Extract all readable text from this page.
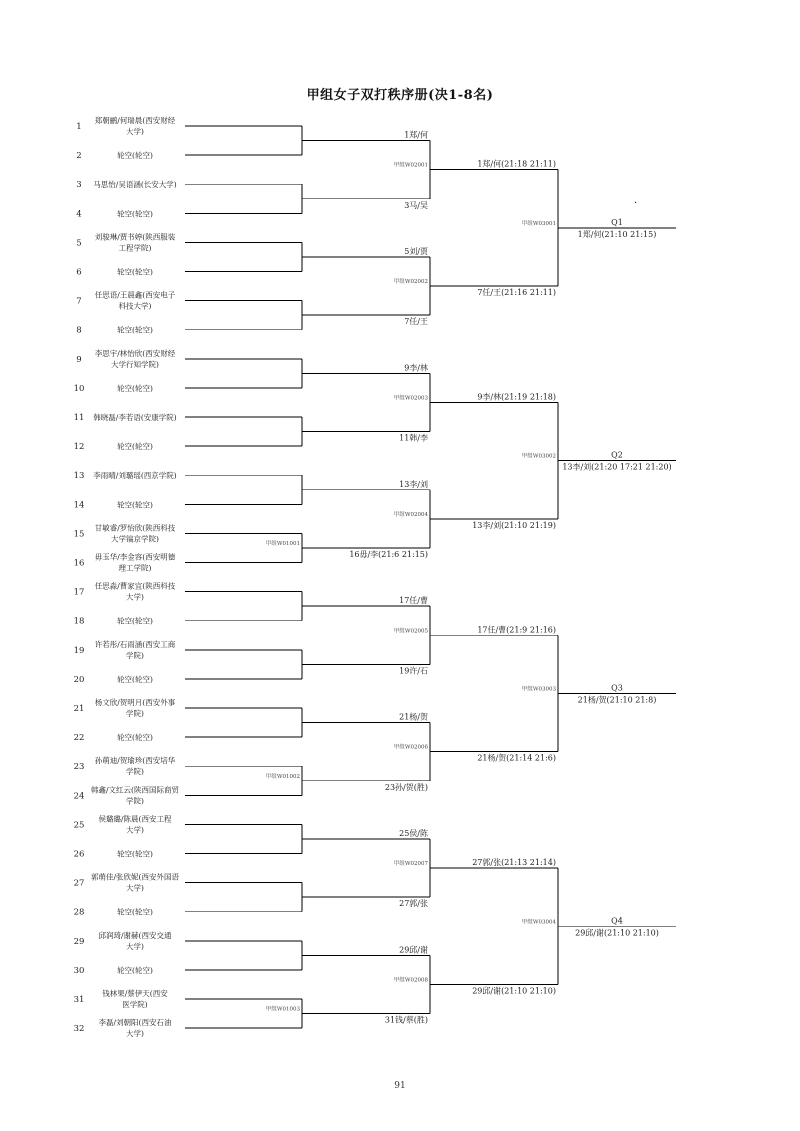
甲组女子双打秩序册(决1-8名)
1
郑朝鹂/何瑞晨(西安财经
大学)
2	轮空(轮空)
3 马思怡/吴语涵(长安大学)
4	轮空(轮空)
5
刘骏琳/贾书婷(陕西服装
工程学院)
6	轮空(轮空)
7
任思语/王晨鑫(西安电子
科技大学)
8	轮空(轮空)
9
李思宇/林怡欣(西安财经
大学行知学院)
10	轮空(轮空)
11 韩晓磊/李若语(安康学院)
12	轮空(轮空)
13 李雨晴/刘璐瑶(西京学院)
14	轮空(轮空)
15
甘敏睿/罗怡欣(陕西科技
大学镐京学院)
16
毋玉华/李金容(西安明德
理工学院)
17
任思淼/曹家宜(陕西科技
大学)
18	轮空(轮空)
19
许若彤/石雨涵(西安工商
学院)
20	轮空(轮空)
21
杨文欣/贺明月(西安外事
学院)
22	轮空(轮空)
23
孙萌迪/贺瑜珍(西安培华
学院)
24
韩鑫/文红云(陕西国际商贸
学院)
25
侯璐璐/陈晨(西安工程
大学)
26	轮空(轮空)
27
郭萌佳/张欣妮(西安外国语
大学)
28	轮空(轮空)
29
邱润琦/谢赫(西安交通
大学)
30	轮空(轮空)
31
钱林果/蔡伊天(西安
医学院)
32
李磊/刘朝阳(西安石油
大学)
1郑/何
5刘/贾
9李/林
13李/刘
甲组W01001
17任/曹
21杨/贺
甲组W01002
25侯/陈
29邱/谢
甲组W01003
甲组W02001
3马/吴
1郑/何(21:18 21:11)
甲组W02002
7任/王
7任/王(21:16 21:11)
甲组W02003
11韩/李
9李/林(21:19 21:18)
甲组W02004
16毋/李(21:6 21:15)
13李/刘(21:10 21:19)
甲组W02005
19许/石
17任/曹(21:9 21:16)
甲组W02006
23孙/贺(胜)
21杨/贺(21:14 21:6)
甲组W02007
27郭/张
27郭/张(21:13 21:14)
甲组W02008
31钱/蔡(胜)
29邱/谢(21:10 21:10)
甲组W03001	Q1
1郑/何(21:10 21:15)
甲组W03002	Q2
13李/刘(21:20 17:21 21:20)
甲组W03003	Q3
21杨/贺(21:10 21:8)
甲组W03004	Q4
29邱/谢(21:10 21:10)
·
91
